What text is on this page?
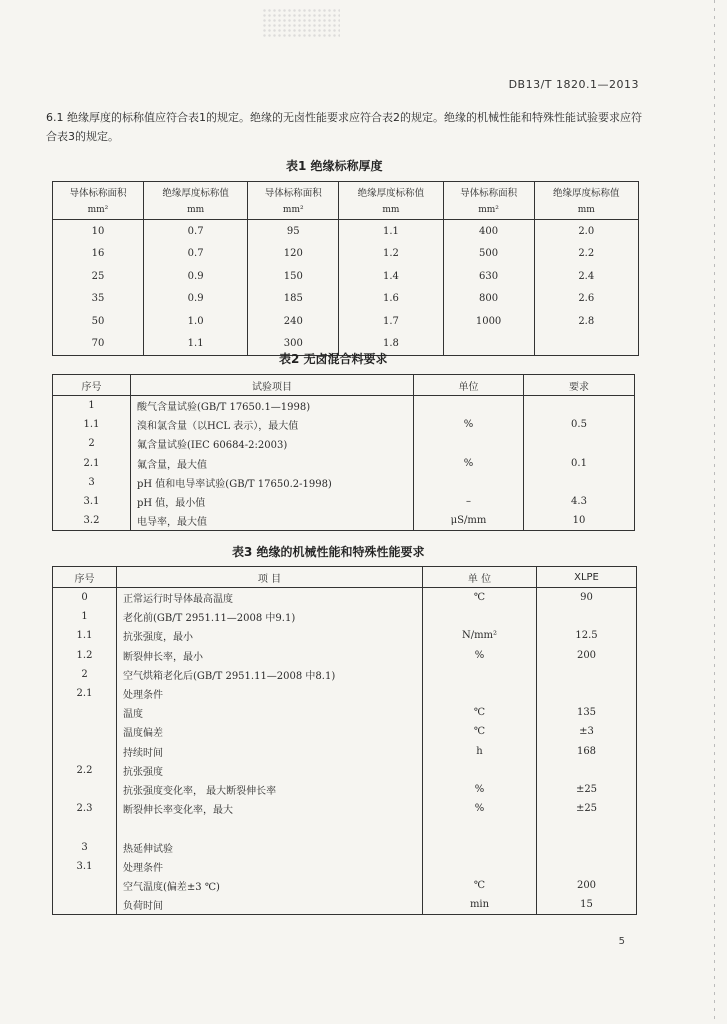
DB13/T 1820.1—2013
6.1 绝缘厚度的标称值应符合表1的规定。绝缘的无卤性能要求应符合表2的规定。绝缘的机械性能和特殊性能试验要求应符合表3的规定。
表1 绝缘标称厚度
导体标称面积	绝缘厚度标称值	导体标称面积	绝缘厚度标称值	导体标称面积	绝缘厚度标称值
mm²	mm	mm²	mm	mm²	mm
10	0.7	95	1.1	400	2.0
16	0.7	120	1.2	500	2.2
25	0.9	150	1.4	630	2.4
35	0.9	185	1.6	800	2.6
50	1.0	240	1.7	1000	2.8
70	1.1	300	1.8		
表2 无卤混合料要求
序号	试验项目	单位	要求
1	酸气含量试验(GB/T 17650.1—1998)		
1.1	溴和氯含量（以HCL 表示），最大值	%	0.5
2	氟含量试验(IEC 60684-2:2003)		
2.1	氟含量，最大值	%	0.1
3	pH 值和电导率试验(GB/T 17650.2-1998)		
3.1	pH 值，最小值	–	4.3
3.2	电导率，最大值	μS/mm	10
表3 绝缘的机械性能和特殊性能要求
序号	项 目	单 位	XLPE
0	正常运行时导体最高温度	℃	90
1	老化前(GB/T 2951.11—2008 中9.1)		
1.1	抗张强度，最小	N/mm²	12.5
1.2	断裂伸长率，最小	%	200
2	空气烘箱老化后(GB/T 2951.11—2008 中8.1)		
2.1	处理条件		
	温度	℃	135
	温度偏差	℃	±3
	持续时间	h	168
2.2	抗张强度		
	抗张强度变化率， 最大断裂伸长率	%	±25
2.3	断裂伸长率变化率，最大	%	±25

3	热延伸试验		
3.1	处理条件		
	空气温度(偏差±3 ℃)	℃	200
	负荷时间	min	15
5
